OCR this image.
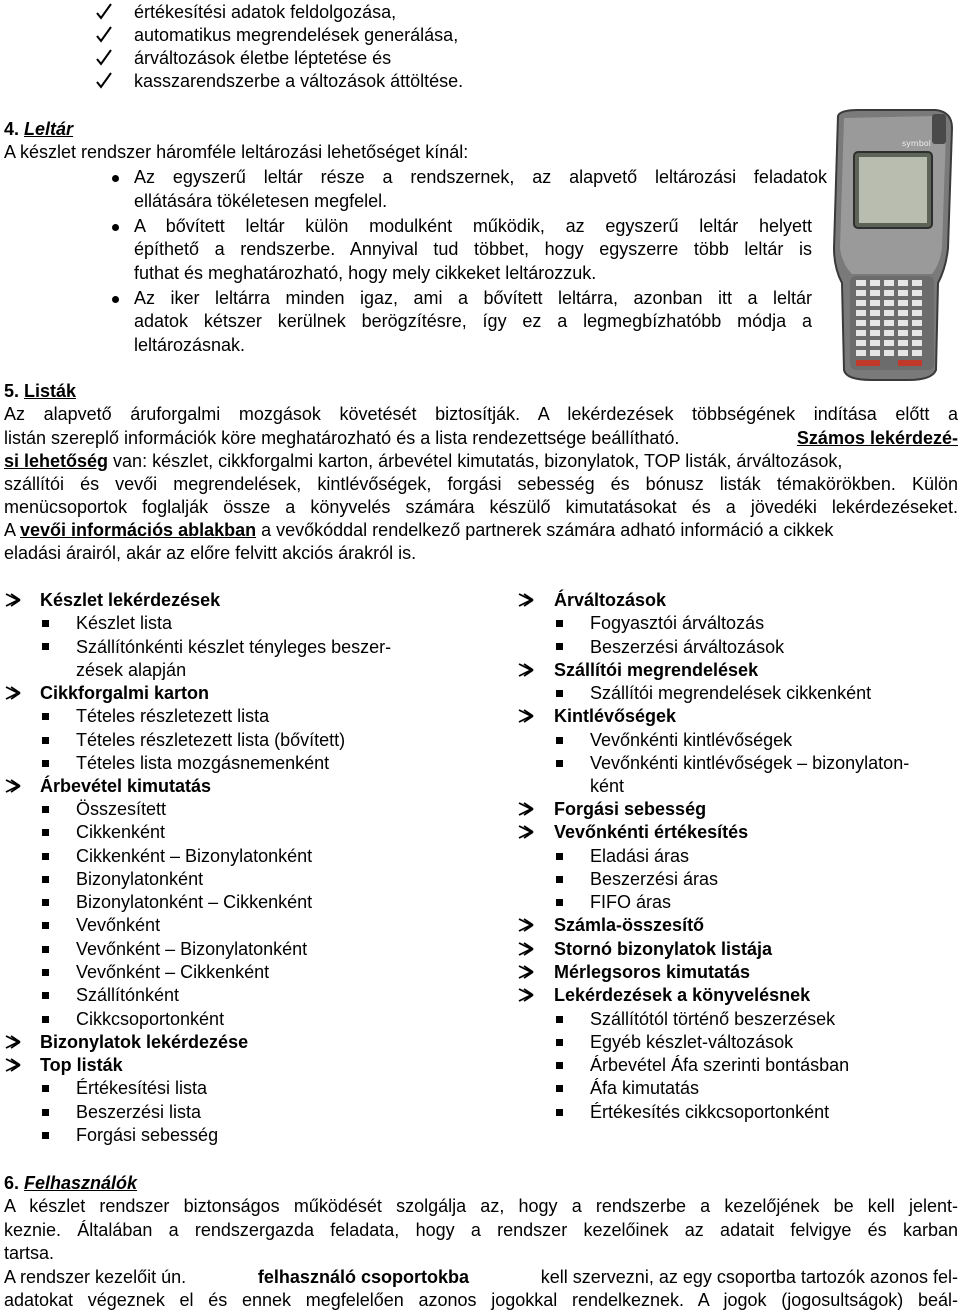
értékesítési adatok feldolgozása,
automatikus megrendelések generálása,
árváltozások életbe léptetése és
kasszarendszerbe a változások áttöltése.
4. Leltár
A készlet rendszer háromféle leltározási lehetőséget kínál:
Az egyszerű leltár része a rendszernek, az alapvető leltározási feladatok
ellátására tökéletesen megfelel.
A bővített leltár külön modulként működik, az egyszerű leltár helyett
építhető a rendszerbe. Annyival tud többet, hogy egyszerre több leltár is
futhat és meghatározható, hogy mely cikkeket leltározzuk.
Az iker leltárra minden igaz, ami a bővített leltárra, azonban itt a leltár
adatok kétszer kerülnek berögzítésre, így ez a legmegbízhatóbb módja a
leltározásnak.
symbol
5. Listák
Az alapvető áruforgalmi mozgások követését biztosítják. A lekérdezések többségének indítása előtt a
listán szereplő információk köre meghatározható és a lista rendezettsége beállítható.	Számos lekérdezé-
si lehetőség van: készlet, cikkforgalmi karton, árbevétel kimutatás, bizonylatok, TOP listák, árváltozások,
szállítói és vevői megrendelések, kintlévőségek, forgási sebesség és bónusz listák témakörökben. Külön
menücsoportok foglalják össze a könyvelés számára készülő kimutatásokat és a jövedéki lekérdezéseket.
A vevői információs ablakban a vevőkóddal rendelkező partnerek számára adható információ a cikkek
eladási árairól, akár az előre felvitt akciós árakról is.
Készlet lekérdezések
Készlet lista
Szállítónkénti készlet tényleges beszer-
zések alapján
Cikkforgalmi karton
Tételes részletezett lista
Tételes részletezett lista (bővített)
Tételes lista mozgásnemenként
Árbevétel kimutatás
Összesített
Cikkenként
Cikkenként – Bizonylatonként
Bizonylatonként
Bizonylatonként – Cikkenként
Vevőnként
Vevőnként – Bizonylatonként
Vevőnként – Cikkenként
Szállítónként
Cikkcsoportonként
Bizonylatok lekérdezése
Top listák
Értékesítési lista
Beszerzési lista
Forgási sebesség
Árváltozások
Fogyasztói árváltozás
Beszerzési árváltozások
Szállítói megrendelések
Szállítói megrendelések cikkenként
Kintlévőségek
Vevőnkénti kintlévőségek
Vevőnkénti kintlévőségek – bizonylaton-
ként
Forgási sebesség
Vevőnkénti értékesítés
Eladási áras
Beszerzési áras
FIFO áras
Számla-összesítő
Stornó bizonylatok listája
Mérlegsoros kimutatás
Lekérdezések a könyvelésnek
Szállítótól történő beszerzések
Egyéb készlet-változások
Árbevétel Áfa szerinti bontásban
Áfa kimutatás
Értékesítés cikkcsoportonként
6. Felhasználók
A készlet rendszer biztonságos működését szolgálja az, hogy a rendszerbe a kezelőjének be kell jelent-
keznie. Általában a rendszergazda feladata, hogy a rendszer kezelőinek az adatait felvigye és karban
tartsa.
A rendszer kezelőit ún.	felhasználó csoportokba	kell szervezni, az egy csoportba tartozók azonos fel-
adatokat végeznek el és ennek megfelelően azonos jogokkal rendelkeznek. A jogok (jogosultságok) beál-
